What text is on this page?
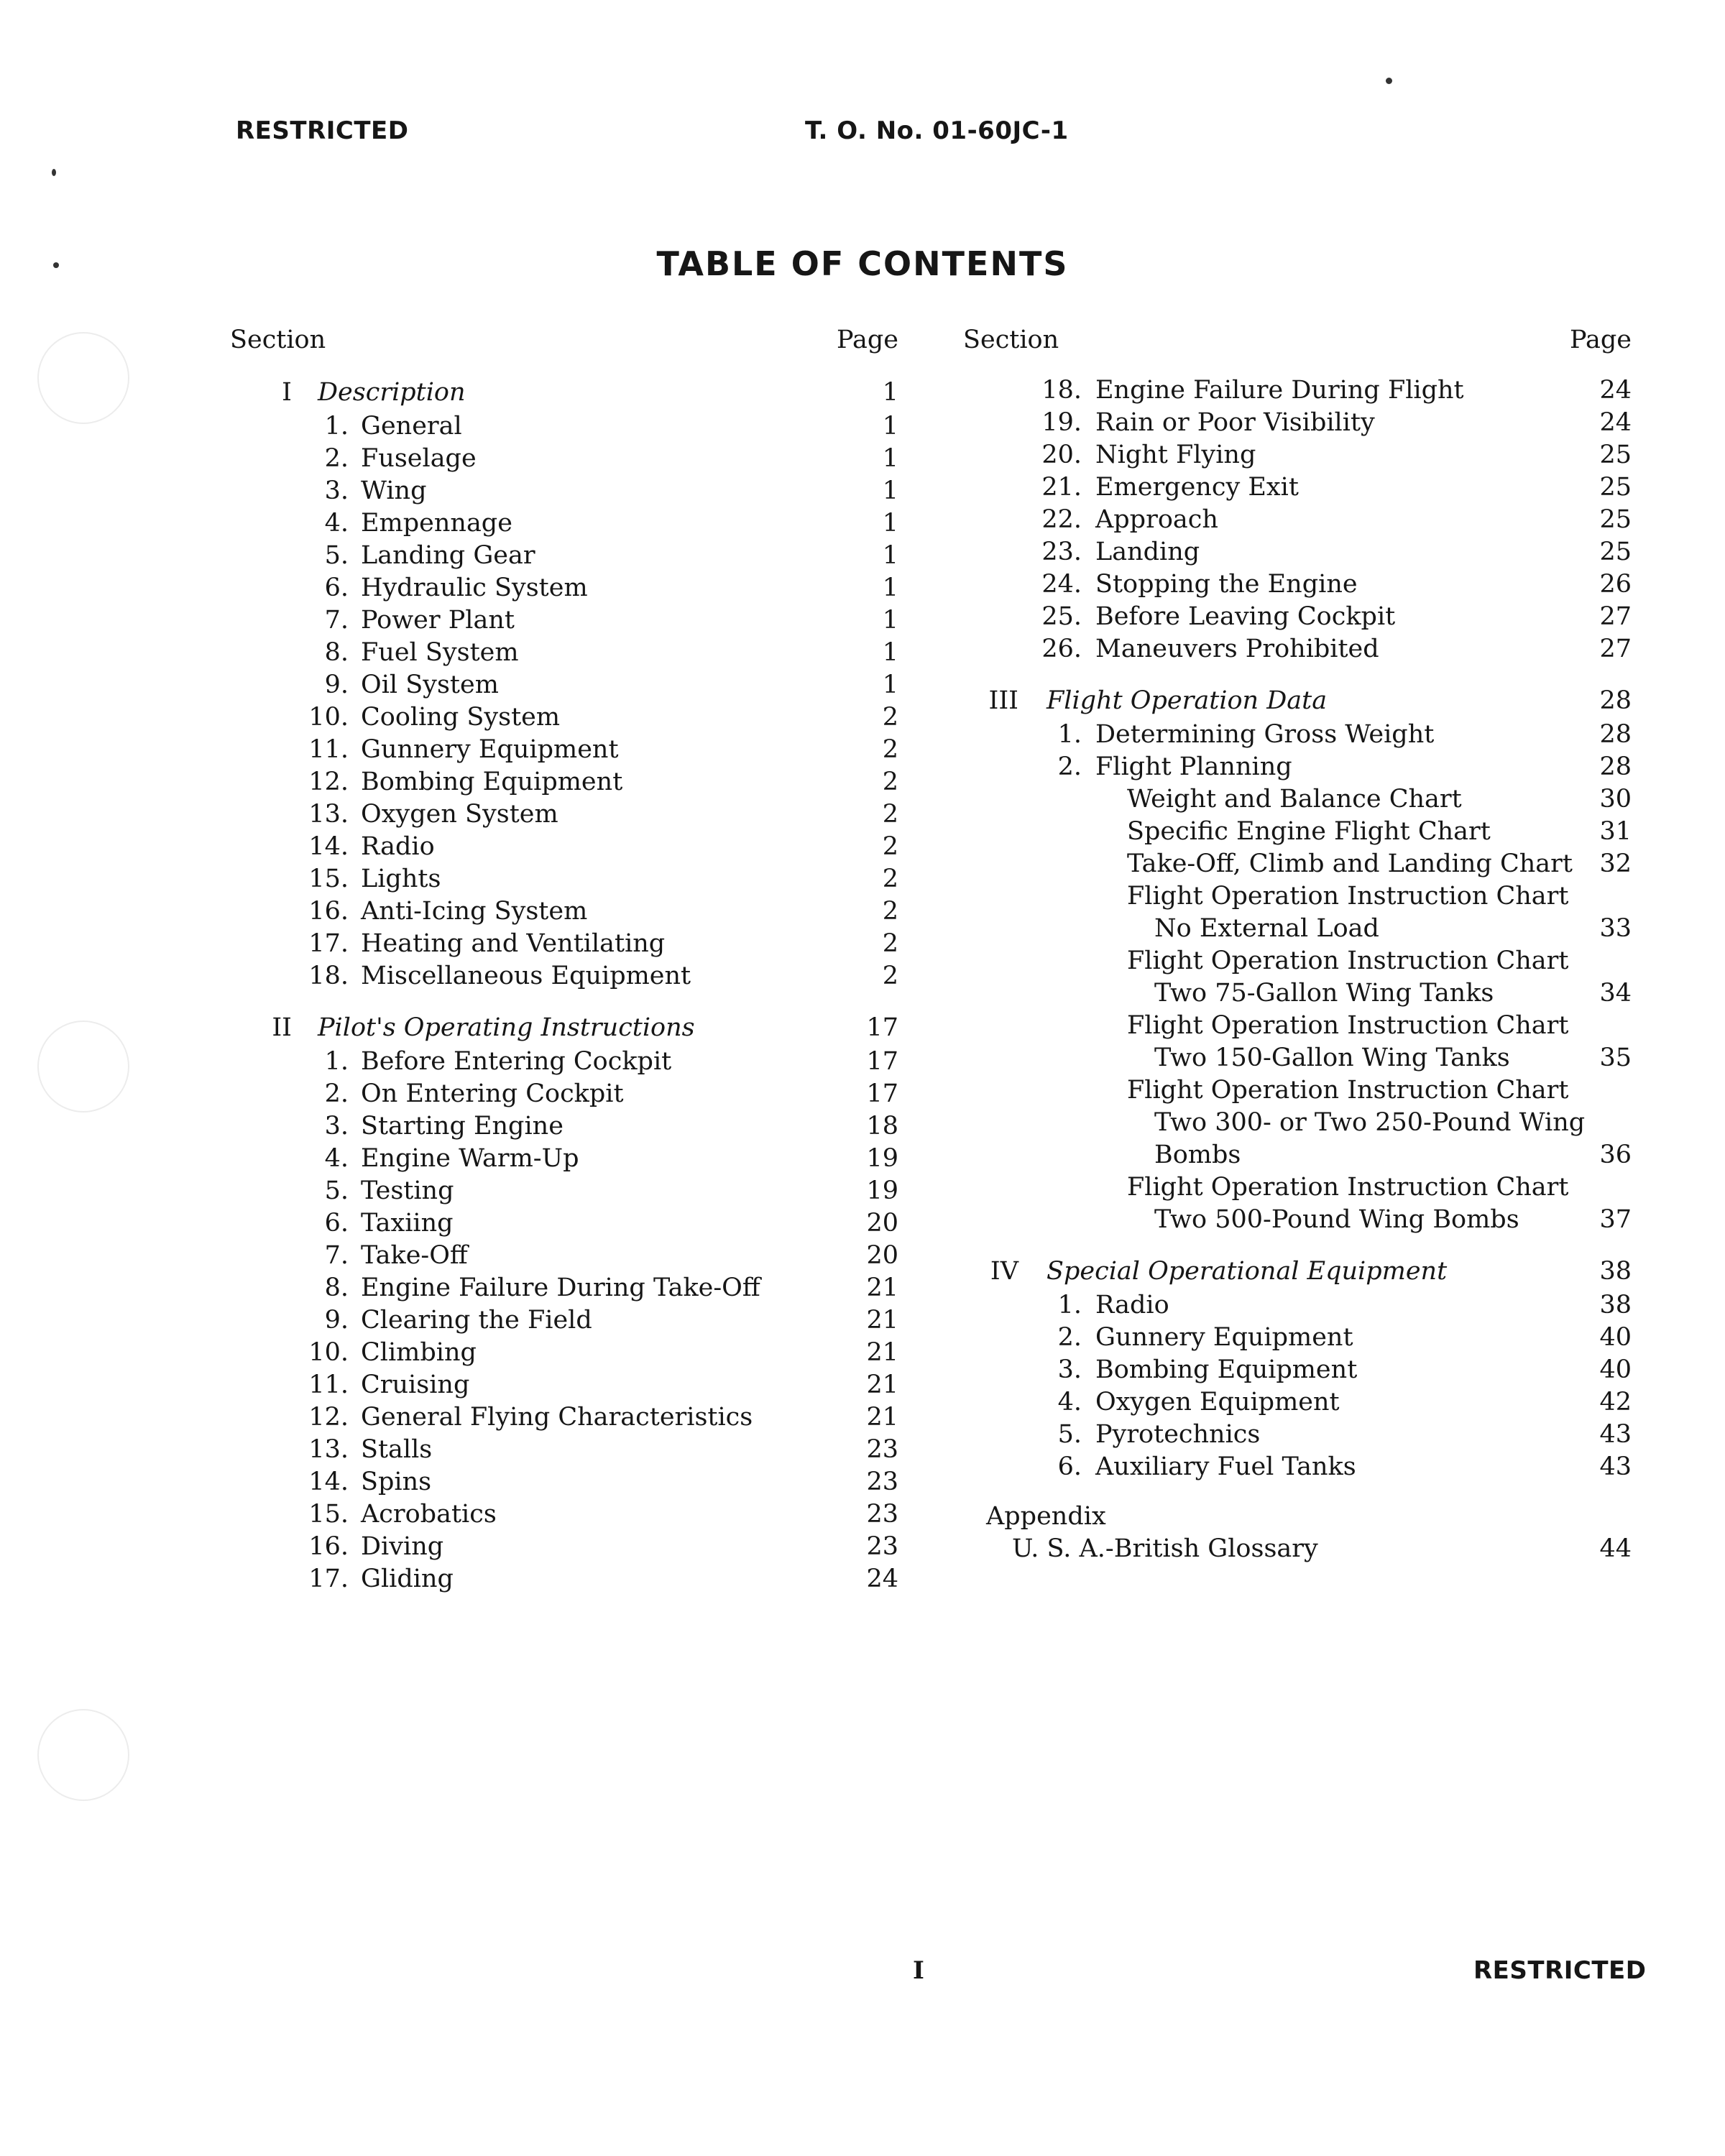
RESTRICTED	T. O. No. 01-60JC-1
TABLE OF CONTENTS
Section	Page
I Description	1
1. General	1
2. Fuselage	1
3. Wing	1
4. Empennage	1
5. Landing Gear	1
6. Hydraulic System	1
7. Power Plant	1
8. Fuel System	1
9. Oil System	1
10. Cooling System	2
11. Gunnery Equipment	2
12. Bombing Equipment	2
13. Oxygen System	2
14. Radio	2
15. Lights	2
16. Anti-Icing System	2
17. Heating and Ventilating	2
18. Miscellaneous Equipment	2
II Pilot's Operating Instructions	17
1. Before Entering Cockpit	17
2. On Entering Cockpit	17
3. Starting Engine	18
4. Engine Warm-Up	19
5. Testing	19
6. Taxiing	20
7. Take-Off	20
8. Engine Failure During Take-Off	21
9. Clearing the Field	21
10. Climbing	21
11. Cruising	21
12. General Flying Characteristics	21
13. Stalls	23
14. Spins	23
15. Acrobatics	23
16. Diving	23
17. Gliding	24
Section	Page
18. Engine Failure During Flight	24
19. Rain or Poor Visibility	24
20. Night Flying	25
21. Emergency Exit	25
22. Approach	25
23. Landing	25
24. Stopping the Engine	26
25. Before Leaving Cockpit	27
26. Maneuvers Prohibited	27
III Flight Operation Data	28
1. Determining Gross Weight	28
2. Flight Planning	28
Weight and Balance Chart	30
Specific Engine Flight Chart	31
Take-Off, Climb and Landing Chart 32
Flight Operation Instruction Chart
No External Load	33
Flight Operation Instruction Chart
Two 75-Gallon Wing Tanks	34
Flight Operation Instruction Chart
Two 150-Gallon Wing Tanks	35
Flight Operation Instruction Chart
Two 300- or Two 250-Pound Wing
Bombs	36
Flight Operation Instruction Chart
Two 500-Pound Wing Bombs	37
IV Special Operational Equipment	38
1. Radio	38
2. Gunnery Equipment	40
3. Bombing Equipment	40
4. Oxygen Equipment	42
5. Pyrotechnics	43
6. Auxiliary Fuel Tanks	43
Appendix
U. S. A.-British Glossary	44
I	RESTRICTED
